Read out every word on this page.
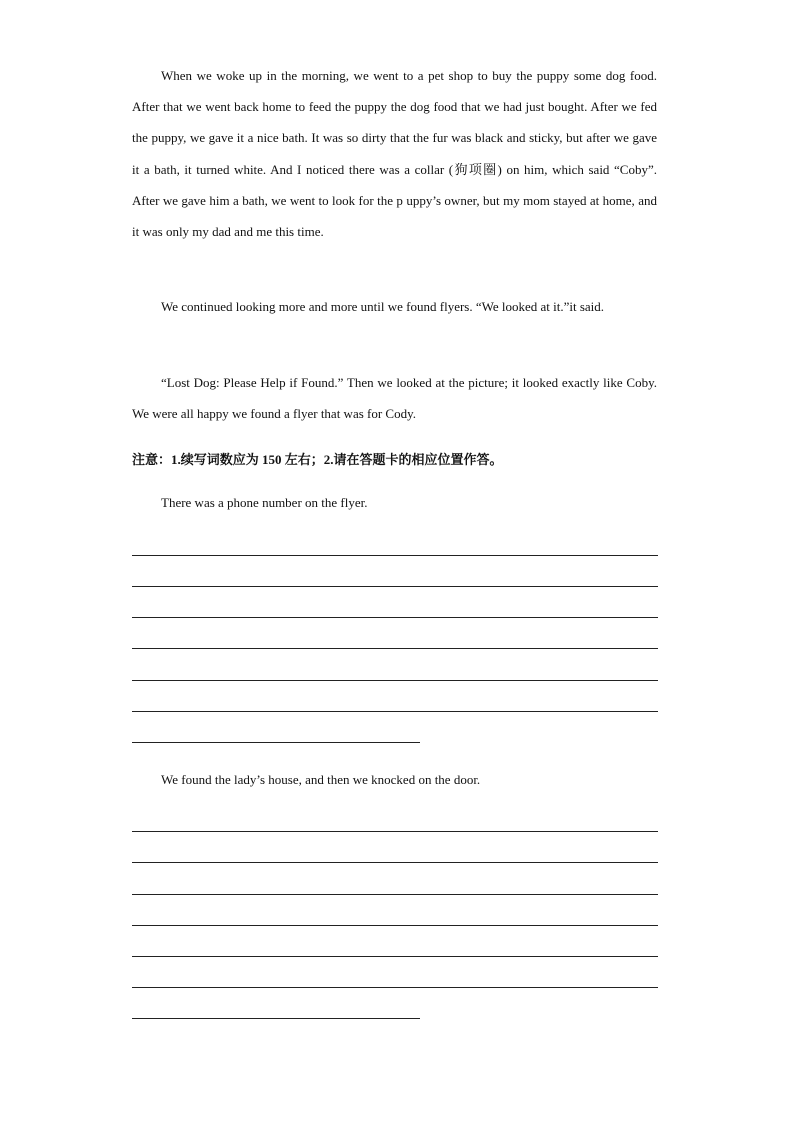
When we woke up in the morning, we went to a pet shop to buy the puppy some dog food. After that we went back home to feed the puppy the dog food that we had just bought. After we fed the puppy, we gave it a nice bath. It was so dirty that the fur was black and sticky, but after we gave it a bath, it turned white. And I noticed there was a collar (狗项圈) on him, which said “Coby”. After we gave him a bath, we went to look for the p uppy’s owner, but my mom stayed at home, and it was only my dad and me this time.

We continued looking more and more until we found flyers. “We looked at it.”it said.

“Lost Dog: Please Help if Found.” Then we looked at the picture; it looked exactly like Coby. We were all happy we found a flyer that was for Cody.

注意：1.续写词数应为 150 左右；2.请在答题卡的相应位置作答。
There was a phone number on the flyer.
We found the lady’s house, and then we knocked on the door.
